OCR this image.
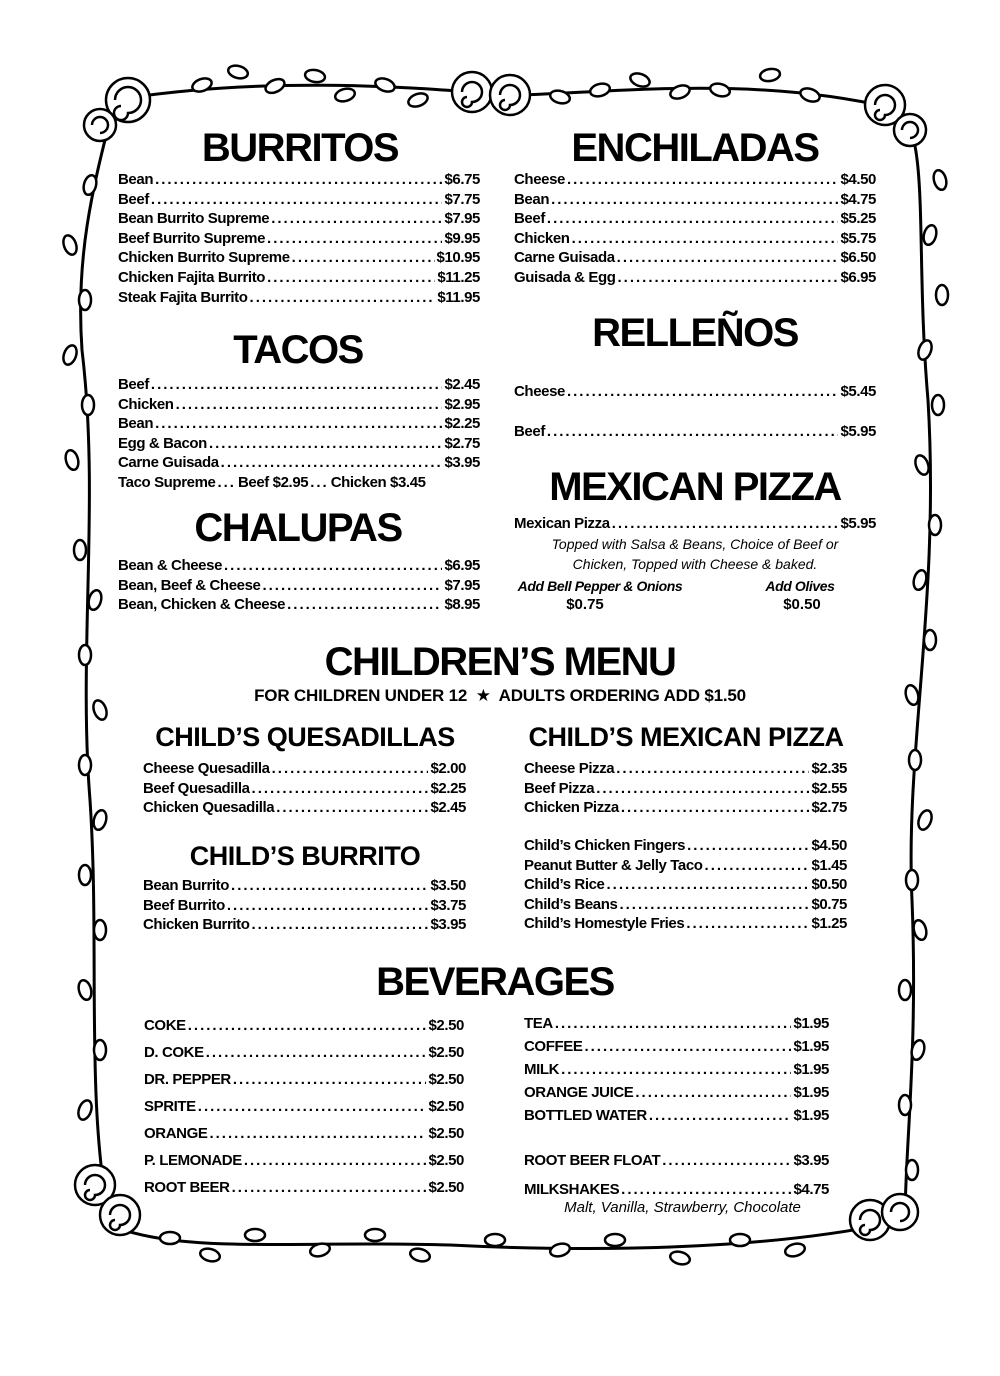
BURRITOS
Bean .....	$6.75
Beef .....	$7.75
Bean Burrito Supreme .....	$7.95
Beef Burrito Supreme .....	$9.95
Chicken Burrito Supreme .....	$10.95
Chicken Fajita Burrito .....	$11.25
Steak Fajita Burrito .....	$11.95
TACOS
Beef .....	$2.45
Chicken .....	$2.95
Bean .....	$2.25
Egg & Bacon .....	$2.75
Carne Guisada .....	$3.95
Taco Supreme ... Beef $2.95 ... Chicken $3.45
CHALUPAS
Bean & Cheese .....	$6.95
Bean, Beef & Cheese .....	$7.95
Bean, Chicken & Cheese .....	$8.95
ENCHILADAS
Cheese .....	$4.50
Bean .....	$4.75
Beef .....	$5.25
Chicken .....	$5.75
Carne Guisada .....	$6.50
Guisada & Egg .....	$6.95
RELLEÑOS
Cheese .....	$5.45
Beef .....	$5.95
MEXICAN PIZZA
Mexican Pizza .....	$5.95
Topped with Salsa & Beans, Choice of Beef or
Chicken, Topped with Cheese & baked.
Add Bell Pepper & Onions
$0.75
Add Olives
$0.50
CHILDREN’S MENU
FOR CHILDREN UNDER 12 ★ ADULTS ORDERING ADD $1.50
CHILD’S QUESADILLAS
Cheese Quesadilla .....	$2.00
Beef Quesadilla .....	$2.25
Chicken Quesadilla .....	$2.45
CHILD’S BURRITO
Bean Burrito .....	$3.50
Beef Burrito .....	$3.75
Chicken Burrito .....	$3.95
CHILD’S MEXICAN PIZZA
Cheese Pizza .....	$2.35
Beef Pizza .....	$2.55
Chicken Pizza .....	$2.75
Child’s Chicken Fingers .....	$4.50
Peanut Butter & Jelly Taco .....	$1.45
Child’s Rice .....	$0.50
Child’s Beans .....	$0.75
Child’s Homestyle Fries .....	$1.25
BEVERAGES
COKE .....	$2.50
D. COKE .....	$2.50
DR. PEPPER .....	$2.50
SPRITE .....	$2.50
ORANGE .....	$2.50
P. LEMONADE .....	$2.50
ROOT BEER .....	$2.50
TEA .....	$1.95
COFFEE .....	$1.95
MILK .....	$1.95
ORANGE JUICE .....	$1.95
BOTTLED WATER .....	$1.95
ROOT BEER FLOAT .....	$3.95
MILKSHAKES .....	$4.75
Malt, Vanilla, Strawberry, Chocolate
